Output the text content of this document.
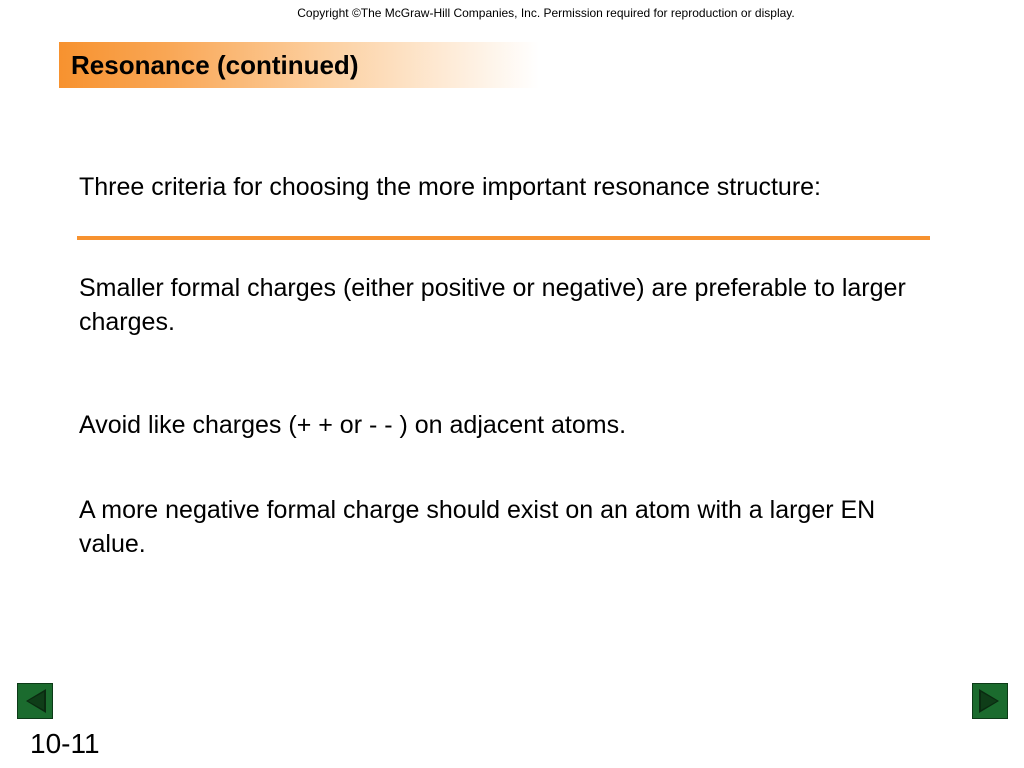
Copyright ©The McGraw-Hill Companies, Inc. Permission required for reproduction or display.
Resonance (continued)
Three criteria for choosing the more important resonance structure:
Smaller formal charges (either positive or negative) are preferable to larger charges.
Avoid like charges (+ + or - - ) on adjacent atoms.
A more negative formal charge should exist on an atom with a larger EN value.
10-11
